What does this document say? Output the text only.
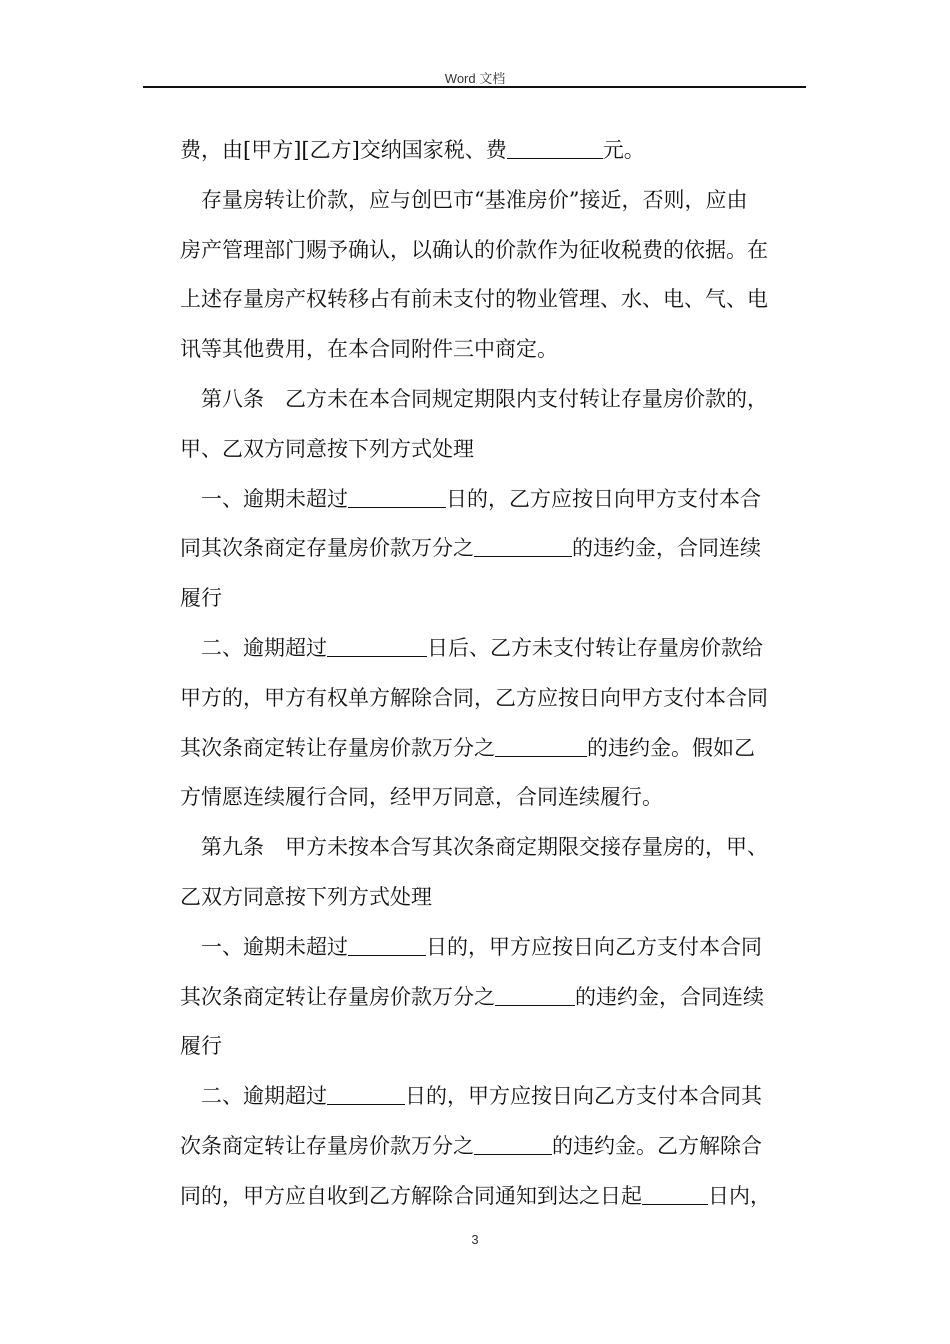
Word 文档
费，由[甲方][乙方]交纳国家税、费	元。
存量房转让价款，应与创巴市“基准房价”接近，否则，应由
房产管理部门赐予确认，以确认的价款作为征收税费的依据。在
上述存量房产权转移占有前未支付的物业管理、水、电、气、电
讯等其他费用，在本合同附件三中商定。
第八条　乙方未在本合同规定期限内支付转让存量房价款的，
甲、乙双方同意按下列方式处理
一、逾期未超过	日的，乙方应按日向甲方支付本合
同其次条商定存量房价款万分之	的违约金，合同连续
履行
二、逾期超过	日后、乙方未支付转让存量房价款给
甲方的，甲方有权单方解除合同，乙方应按日向甲方支付本合同
其次条商定转让存量房价款万分之	的违约金。假如乙
方情愿连续履行合同，经甲万同意，合同连续履行。
第九条　甲方未按本合写其次条商定期限交接存量房的，甲、
乙双方同意按下列方式处理
一、逾期未超过	日的，甲方应按日向乙方支付本合同
其次条商定转让存量房价款万分之	的违约金，合同连续
履行
二、逾期超过	日的，甲方应按日向乙方支付本合同其
次条商定转让存量房价款万分之	的违约金。乙方解除合
同的，甲方应自收到乙方解除合同通知到达之日起	日内，
3
